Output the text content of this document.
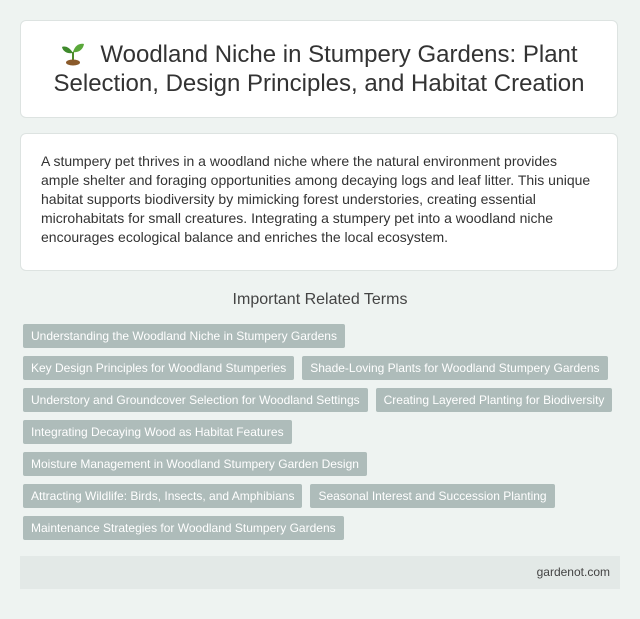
Woodland Niche in Stumpery Gardens: Plant Selection, Design Principles, and Habitat Creation

A stumpery pet thrives in a woodland niche where the natural environment provides ample shelter and foraging opportunities among decaying logs and leaf litter. This unique habitat supports biodiversity by mimicking forest understories, creating essential microhabitats for small creatures. Integrating a stumpery pet into a woodland niche encourages ecological balance and enriches the local ecosystem.

Important Related Terms
Understanding the Woodland Niche in Stumpery Gardens
Key Design Principles for Woodland Stumperies	Shade-Loving Plants for Woodland Stumpery Gardens
Understory and Groundcover Selection for Woodland Settings	Creating Layered Planting for Biodiversity
Integrating Decaying Wood as Habitat Features
Moisture Management in Woodland Stumpery Garden Design
Attracting Wildlife: Birds, Insects, and Amphibians	Seasonal Interest and Succession Planting
Maintenance Strategies for Woodland Stumpery Gardens
gardenot.com
